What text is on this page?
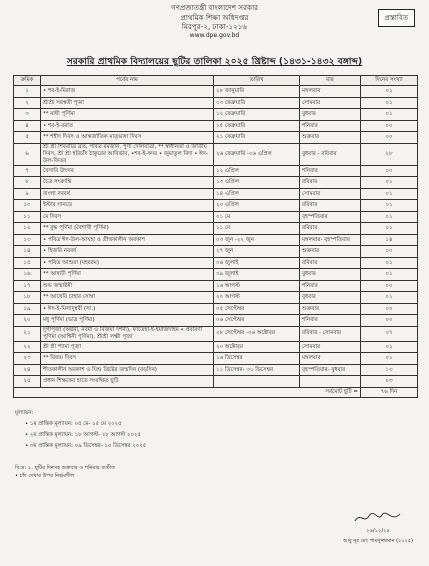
গণপ্রজাতন্ত্রী বাংলাদেশ সরকার
প্রাথমিক শিক্ষা অধিদপ্তর
মিরপুর-২, ঢাকা-১২১৬
www.dpe.gov.bd
প্রস্তাবিত
সরকারি প্রাথমিক বিদ্যালয়ের ছুটির তালিকা ২০২৫ খ্রিষ্টাব্দ (১৪৩১-১৪৩২ বঙ্গাব্দ)
ক্রমিক	পর্বের নাম	তারিখ	বার	দিনের সংখ্যা
১	• শব-ই-মিরাজ	২৮ জানুয়ারি	মঙ্গলবার	০১
২	শ্রীশ্রী সরস্বতী পূজা	০৩ ফেব্রুয়ারি	সোমবার	০১
৩	** মাঘী পূর্ণিমা	১২ ফেব্রুয়ারি	বুধবার	০১
৪	• শব-ই-বরাত	১৫ ফেব্রুয়ারি	শনিবার	০০
৫	** শহীদ দিবস ও আন্তর্জাতিক মাতৃভাষা দিবস	২১ ফেব্রুয়ারি	শুক্রবার	০০
৬	শ্রী শ্রী শিবরাত্রি ব্রত, পবিত্র রমজান, পুণ্য দোলযাত্রা, ** স্বাধীনতা ও জাতীয় দিবস, শ্রী শ্রী হরিচাঁদ ঠাকুরের আবির্ভাব, •শব-ই-কদর • জুমাতুল বিদা • ঈদ-উল-ফিতর	২৬ ফেব্রুয়ারি -০৬ এপ্রিল	বুধবার - রবিবার	২৮
৭	বৈসাবি উৎসব	১২ এপ্রিল	শনিবার	০০
৮	চৈত্র সংক্রান্তি	১৩ এপ্রিল	রবিবার	০১
৯	বাংলা নববর্ষ	১৪ এপ্রিল	সোমবার	০১
১০	ইস্টার সানডে	২০ এপ্রিল	রবিবার	০১
১১	মে দিবস	০১ মে	বৃহস্পতিবার	০১
১২	** বুদ্ধ পূর্ণিমা (বৈশাখী পূর্ণিমা)	১১ মে	রবিবার	০১
১৩	• পবিত্র ঈদ-উল-আযহা ও গ্রীষ্মকালীন অবকাশ	০৩ জুন -২২ জুন	মঙ্গলবার- বৃহস্পতিবার	১৪
১৪	• হিজরি নববর্ষ	২৭ জুন	শুক্রবার	০০
১৫	• পবিত্র আশুরা (মহররম)	০৬ জুলাই	রবিবার	০১
১৬	** আষাঢ়ী পূর্ণিমা	০৯ জুলাই	বুধবার	০১
১৭	শুভ জন্মাষ্টমী	১৬ আগস্ট	শনিবার	০০
১৮	** আখেরি চাহার সোম্বা	২০ আগস্ট	বুধবার	০১
১৯	• ঈদ-ই-মিলাদুন্নবী (সা.)	০৫ সেপ্টেম্বর	শুক্রবার	০০
২০	মধু পূর্ণিমা (ভাদ্র পূর্ণিমা)	০৬ সেপ্টেম্বর	শনিবার	০০
২১	দুর্গাপূজা (অষ্টমী, নবমী ও বিজয়া দশমী), ফাতেহা-ই-ইয়াজদাহম • প্রবারণা পূর্ণিমা (আশ্বিনী পূর্ণিমা), শ্রীশ্রী লক্ষ্মী পূজা	২৮ সেপ্টেম্বর -০৬ অক্টোবর	রবিবার - সোমবার	০৭
২২	শ্রী শ্রী শ্যামা পূজা	২০ অক্টোবর	সোমবার	০১
২৩	** বিজয় দিবস	১৬ ডিসেম্বর	মঙ্গলবার	০১
২৪	শীতকালীন অবকাশ ও যিশু খ্রিষ্টের জন্মদিন (বড়দিন)	১১ ডিসেম্বর- ৩১ ডিসেম্বর	বৃহস্পতিবার- বুধবার	১৩
২৫	প্রধান শিক্ষকের হাতে সংরক্ষিত ছুটি			০৩
সর্বমোট ছুটি =				৭৬ দিন
মূল্যায়ন:
• ১ম প্রান্তিক মূল্যায়ন: ০৫ মে- ১৫ মে ২০২৫
• ২য় প্রান্তিক মূল্যায়ন: ১৮ আগস্ট- ২৮ আগস্ট ২০২৫
• ৩য় প্রান্তিক মূল্যায়ন: ০৯ ডিসেম্বর- ১০ ডিসেম্বর ২০২৫
বি:দ্র: ১. ছুটির দিনসহ শুক্রবার ও শনিবার ব্যতীত
• চাঁদ দেখার উপর নির্ভরশীল
২৬/১২/২৪
আবু নূর মো: শামসুজ্জামান (২০২৫)
